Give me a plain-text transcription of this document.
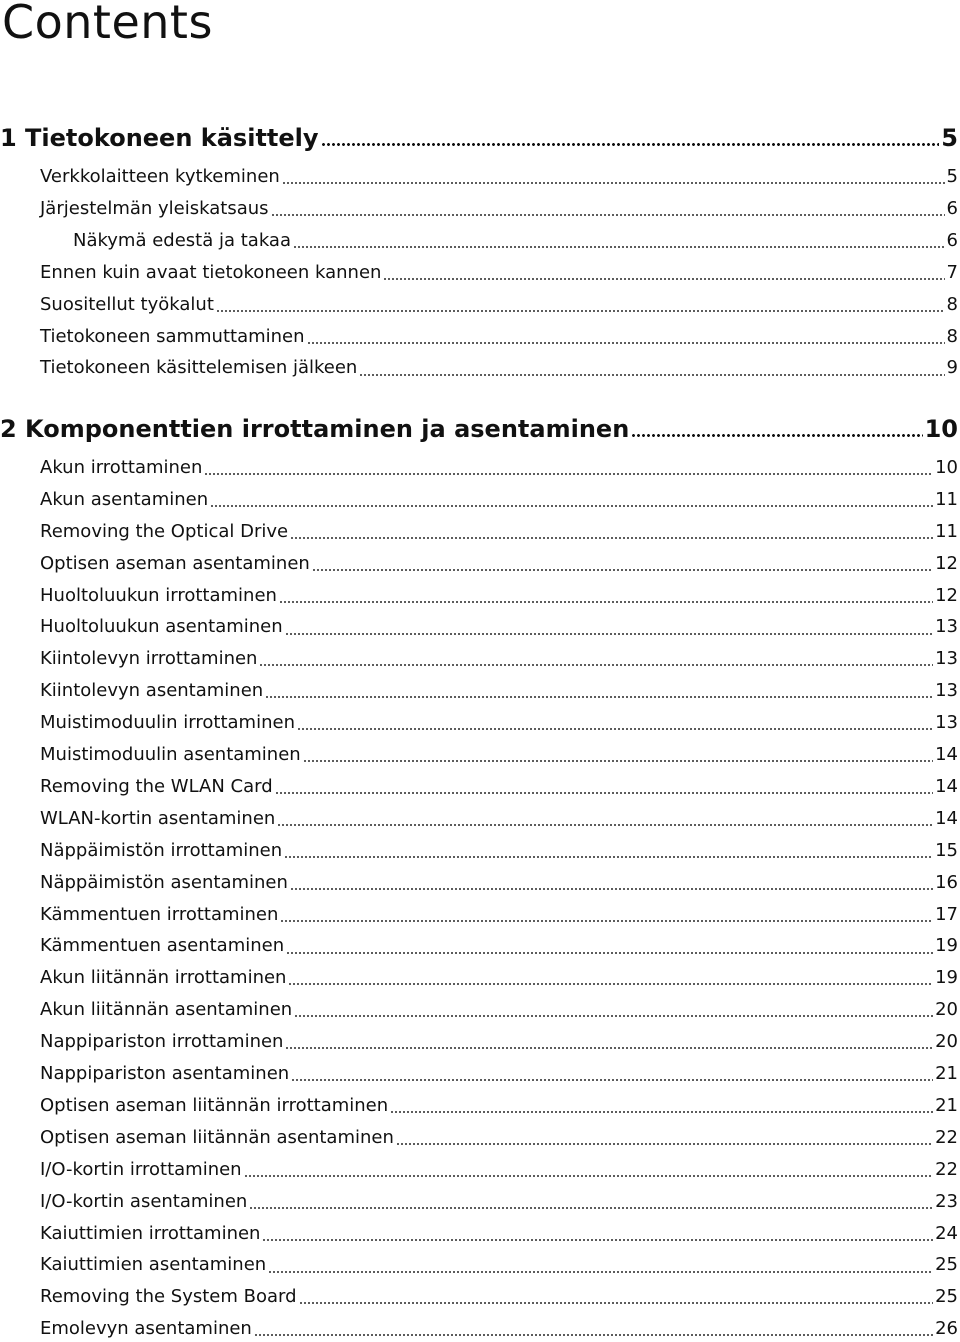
Contents
1 Tietokoneen käsittely	5
Verkkolaitteen kytkeminen	5
Järjestelmän yleiskatsaus	6
Näkymä edestä ja takaa	6
Ennen kuin avaat tietokoneen kannen	7
Suositellut työkalut	8
Tietokoneen sammuttaminen	8
Tietokoneen käsittelemisen jälkeen	9
2 Komponenttien irrottaminen ja asentaminen	10
Akun irrottaminen	10
Akun asentaminen	11
Removing the Optical Drive	11
Optisen aseman asentaminen	12
Huoltoluukun irrottaminen	12
Huoltoluukun asentaminen	13
Kiintolevyn irrottaminen	13
Kiintolevyn asentaminen	13
Muistimoduulin irrottaminen	13
Muistimoduulin asentaminen	14
Removing the WLAN Card	14
WLAN-kortin asentaminen	14
Näppäimistön irrottaminen	15
Näppäimistön asentaminen	16
Kämmentuen irrottaminen	17
Kämmentuen asentaminen	19
Akun liitännän irrottaminen	19
Akun liitännän asentaminen	20
Nappipariston irrottaminen	20
Nappipariston asentaminen	21
Optisen aseman liitännän irrottaminen	21
Optisen aseman liitännän asentaminen	22
I/O-kortin irrottaminen	22
I/O-kortin asentaminen	23
Kaiuttimien irrottaminen	24
Kaiuttimien asentaminen	25
Removing the System Board	25
Emolevyn asentaminen	26
